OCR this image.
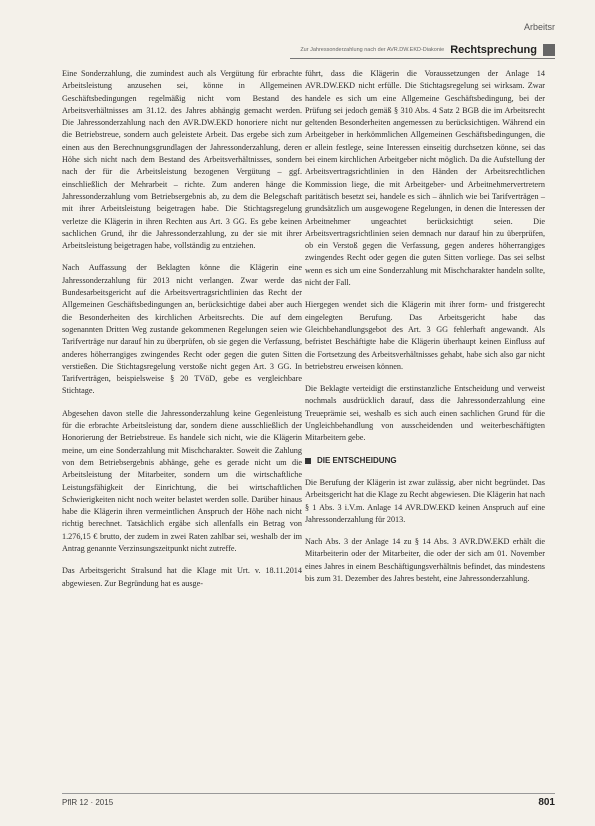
Arbeitsr
Zur Jahressonderzahlung nach der AVR.DW.EKD-Diakonie Rechtsprechung

Eine Sonderzahlung, die zumindest auch als Vergütung für erbrachte Arbeitsleistung anzusehen sei, könne in Allgemeinen Geschäftsbedingungen regelmäßig nicht vom Bestand des Arbeitsverhältnisses am 31.12. des Jahres abhängig gemacht werden. Die Jahressonderzahlung nach den AVR.DW.EKD honoriere nicht nur die Betriebstreue, sondern auch geleistete Arbeit. Das ergebe sich zum einen aus den Berechnungsgrundlagen der Jahressonderzahlung, deren Höhe sich nicht nach dem Bestand des Arbeitsverhältnisses, sondern nach der für die Arbeitsleistung bezogenen Vergütung – ggf. einschließlich der Mehrarbeit – richte. Zum anderen hänge die Jahressonderzahlung vom Betriebsergebnis ab, zu dem die Belegschaft mit ihrer Arbeitsleistung beigetragen habe. Die Stichtagsregelung verletze die Klägerin in ihren Rechten aus Art. 3 GG. Es gebe keinen sachlichen Grund, ihr die Jahressonderzahlung, zu der sie mit ihrer Arbeitsleistung beigetragen habe, vollständig zu entziehen.

Nach Auffassung der Beklagten könne die Klägerin eine Jahressonderzahlung für 2013 nicht verlangen. Zwar werde das Bundesarbeitsgericht auf die Arbeitsvertragsrichtlinien das Recht der Allgemeinen Geschäftsbedingungen an, berücksichtige dabei aber auch die Besonderheiten des kirchlichen Arbeitsrechts. Die auf dem sogenannten Dritten Weg zustande gekommenen Regelungen seien wie Tarifverträge nur darauf hin zu überprüfen, ob sie gegen die Verfassung, anderes höherrangiges zwingendes Recht oder gegen die guten Sitten verstießen. Die Stichtagsregelung verstoße nicht gegen Art. 3 GG. In Tarifverträgen, beispielsweise § 20 TVöD, gebe es vergleichbare Stichtage.

Abgesehen davon stelle die Jahressonderzahlung keine Gegenleistung für die erbrachte Arbeitsleistung dar, sondern diene ausschließlich der Honorierung der Betriebstreue. Es handele sich nicht, wie die Klägerin meine, um eine Sonderzahlung mit Mischcharakter. Soweit die Zahlung von dem Betriebsergebnis abhänge, gehe es gerade nicht um die Arbeitsleistung der Mitarbeiter, sondern um die wirtschaftliche Leistungsfähigkeit der Einrichtung, die bei wirtschaftlichen Schwierigkeiten nicht noch weiter belastet werden solle. Darüber hinaus habe die Klägerin ihren vermeintlichen Anspruch der Höhe nach nicht richtig berechnet. Tatsächlich ergäbe sich allenfalls ein Betrag von 1.276,15 € brutto, der zudem in zwei Raten zahlbar sei, weshalb der im Antrag genannte Verzinsungszeitpunkt nicht zutreffe.

Das Arbeitsgericht Stralsund hat die Klage mit Urt. v. 18.11.2014 abgewiesen. Zur Begründung hat es ausge-

führt, dass die Klägerin die Voraussetzungen der Anlage 14 AVR.DW.EKD nicht erfülle. Die Stichtagsregelung sei wirksam. Zwar handele es sich um eine Allgemeine Geschäftsbedingung, bei der Prüfung sei jedoch gemäß § 310 Abs. 4 Satz 2 BGB die im Arbeitsrecht geltenden Besonderheiten angemessen zu berücksichtigen. Während ein Arbeitgeber in herkömmlichen Allgemeinen Geschäftsbedingungen, die er allein festlege, seine Interessen einseitig durchsetzen könne, sei das bei einem kirchlichen Arbeitgeber nicht möglich. Da die Aufstellung der Arbeitsvertragsrichtlinien in den Händen der Arbeitsrechtlichen Kommission liege, die mit Arbeitgeber- und Arbeitnehmervertretern paritätisch besetzt sei, handele es sich – ähnlich wie bei Tarifverträgen – grundsätzlich um ausgewogene Regelungen, in denen die Interessen der Arbeitnehmer ungeachtet berücksichtigt seien. Die Arbeitsvertragsrichtlinien seien demnach nur darauf hin zu überprüfen, ob ein Verstoß gegen die Verfassung, gegen anderes höherrangiges zwingendes Recht oder gegen die guten Sitten vorliege. Das sei selbst wenn es sich um eine Sonderzahlung mit Mischcharakter handeln sollte, nicht der Fall.

Hiergegen wendet sich die Klägerin mit ihrer form- und fristgerecht eingelegten Berufung. Das Arbeitsgericht habe das Gleichbehandlungsgebot des Art. 3 GG fehlerhaft angewandt. Als befristet Beschäftigte habe die Klägerin überhaupt keinen Einfluss auf die Fortsetzung des Arbeitsverhältnisses gehabt, habe sich also gar nicht betriebstreu erweisen können.

Die Beklagte verteidigt die erstinstanzliche Entscheidung und verweist nochmals ausdrücklich darauf, dass die Jahressonderzahlung eine Treueprämie sei, weshalb es sich auch einen sachlichen Grund für die Ungleichbehandlung von ausscheidenden und weiterbeschäftigten Mitarbeitern gebe.

DIE ENTSCHEIDUNG

Die Berufung der Klägerin ist zwar zulässig, aber nicht begründet. Das Arbeitsgericht hat die Klage zu Recht abgewiesen. Die Klägerin hat nach § 1 Abs. 3 i.V.m. Anlage 14 AVR.DW.EKD keinen Anspruch auf eine Jahressonderzahlung für 2013.

Nach Abs. 3 der Anlage 14 zu § 14 Abs. 3 AVR.DW.EKD erhält die Mitarbeiterin oder der Mitarbeiter, die oder der sich am 01. November eines Jahres in einem Beschäftigungsverhältnis befindet, das mindestens bis zum 31. Dezember des Jahres besteht, eine Jahressonderzahlung.

PflR 12 · 2015	801
